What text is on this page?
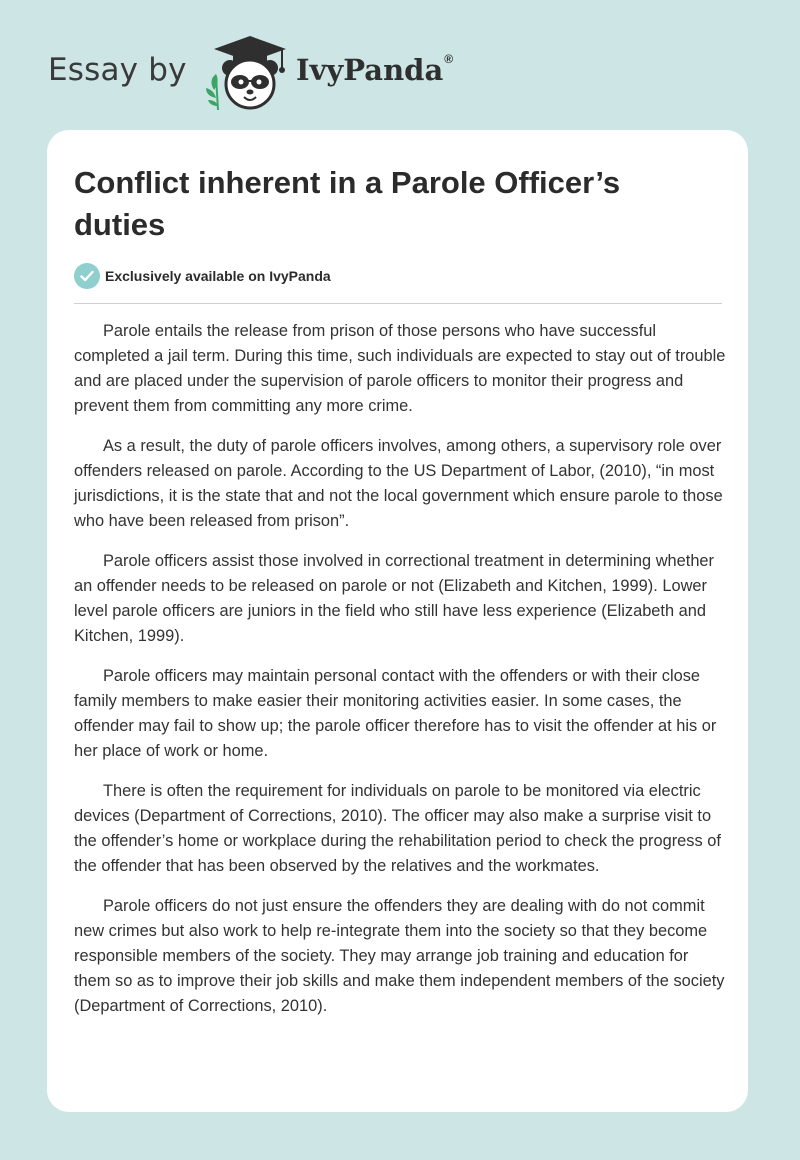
Essay by	IvyPanda®
Conflict inherent in a Parole Officer’s duties
Exclusively available on IvyPanda

Parole entails the release from prison of those persons who have successful completed a jail term. During this time, such individuals are expected to stay out of trouble and are placed under the supervision of parole officers to monitor their progress and prevent them from committing any more crime.

As a result, the duty of parole officers involves, among others, a supervisory role over offenders released on parole. According to the US Department of Labor, (2010), “in most jurisdictions, it is the state that and not the local government which ensure parole to those who have been released from prison”.

Parole officers assist those involved in correctional treatment in determining whether an offender needs to be released on parole or not (Elizabeth and Kitchen, 1999). Lower level parole officers are juniors in the field who still have less experience (Elizabeth and Kitchen, 1999).

Parole officers may maintain personal contact with the offenders or with their close family members to make easier their monitoring activities easier. In some cases, the offender may fail to show up; the parole officer therefore has to visit the offender at his or her place of work or home.

There is often the requirement for individuals on parole to be monitored via electric devices (Department of Corrections, 2010). The officer may also make a surprise visit to the offender’s home or workplace during the rehabilitation period to check the progress of the offender that has been observed by the relatives and the workmates.

Parole officers do not just ensure the offenders they are dealing with do not commit new crimes but also work to help re-integrate them into the society so that they become responsible members of the society. They may arrange job training and education for them so as to improve their job skills and make them independent members of the society (Department of Corrections, 2010).
